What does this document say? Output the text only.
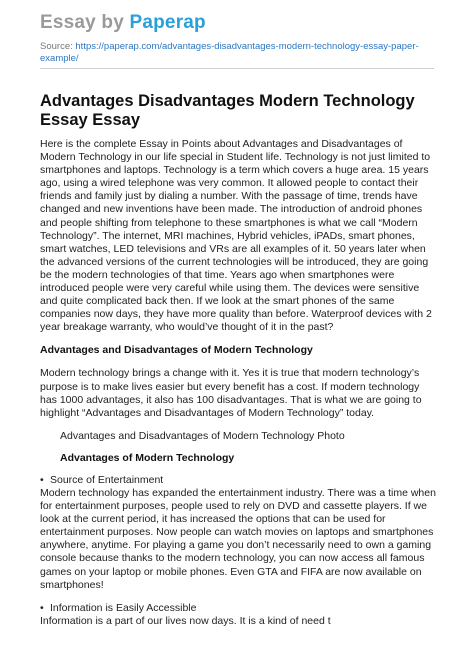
Essay by Paperap
Source: https://paperap.com/advantages-disadvantages-modern-technology-essay-paper-example/
Advantages Disadvantages Modern Technology Essay Essay

Here is the complete Essay in Points about Advantages and Disadvantages of Modern Technology in our life special in Student life. Technology is not just limited to smartphones and laptops. Technology is a term which covers a huge area. 15 years ago, using a wired telephone was very common. It allowed people to contact their friends and family just by dialing a number. With the passage of time, trends have changed and new inventions have been made. The introduction of android phones and people shifting from telephone to these smartphones is what we call “Modern Technology”. The internet, MRI machines, Hybrid vehicles, iPADs, smart phones, smart watches, LED televisions and VRs are all examples of it. 50 years later when the advanced versions of the current technologies will be introduced, they are going be the modern technologies of that time. Years ago when smartphones were introduced people were very careful while using them. The devices were sensitive and quite complicated back then. If we look at the smart phones of the same companies now days, they have more quality than before. Waterproof devices with 2 year breakage warranty, who would’ve thought of it in the past?

Advantages and Disadvantages of Modern Technology

Modern technology brings a change with it. Yes it is true that modern technology’s purpose is to make lives easier but every benefit has a cost. If modern technology has 1000 advantages, it also has 100 disadvantages. That is what we are going to highlight “Advantages and Disadvantages of Modern Technology” today.

Advantages and Disadvantages of Modern Technology Photo

Advantages of Modern Technology

• Source of Entertainment

Modern technology has expanded the entertainment industry. There was a time when for entertainment purposes, people used to rely on DVD and cassette players. If we look at the current period, it has increased the options that can be used for entertainment purposes. Now people can watch movies on laptops and smartphones anywhere, anytime. For playing a game you don’t necessarily need to own a gaming console because thanks to the modern technology, you can now access all famous games on your laptop or mobile phones. Even GTA and FIFA are now available on smartphones!

• Information is Easily Accessible

Information is a part of our lives now days. It is a kind of need t
